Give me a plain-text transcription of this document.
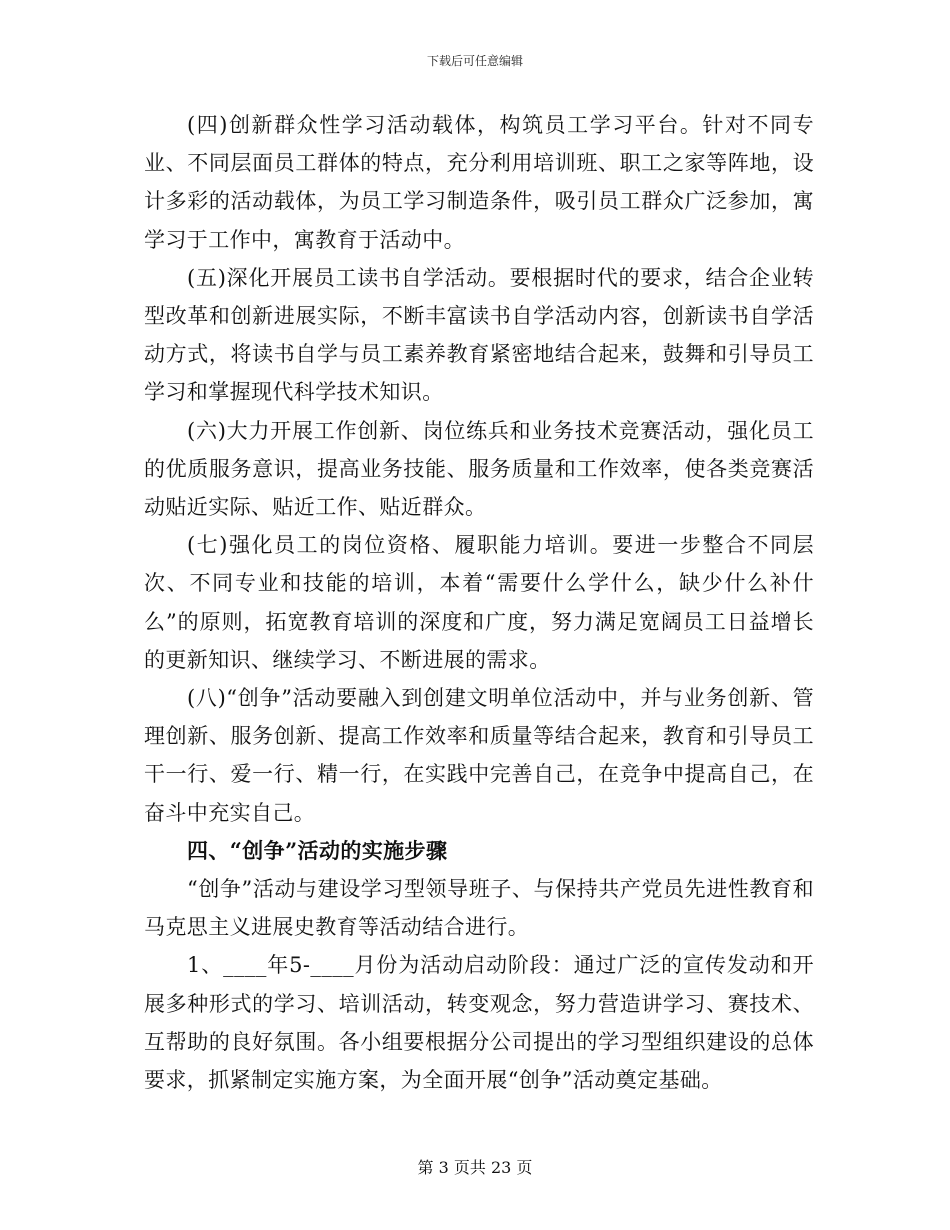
下载后可任意编辑

(四)创新群众性学习活动载体，构筑员工学习平台。针对不同专业、不同层面员工群体的特点，充分利用培训班、职工之家等阵地，设计多彩的活动载体，为员工学习制造条件，吸引员工群众广泛参加，寓学习于工作中，寓教育于活动中。

(五)深化开展员工读书自学活动。要根据时代的要求，结合企业转型改革和创新进展实际，不断丰富读书自学活动内容，创新读书自学活动方式，将读书自学与员工素养教育紧密地结合起来，鼓舞和引导员工学习和掌握现代科学技术知识。

(六)大力开展工作创新、岗位练兵和业务技术竞赛活动，强化员工的优质服务意识，提高业务技能、服务质量和工作效率，使各类竞赛活动贴近实际、贴近工作、贴近群众。

(七)强化员工的岗位资格、履职能力培训。要进一步整合不同层次、不同专业和技能的培训，本着“需要什么学什么，缺少什么补什么”的原则，拓宽教育培训的深度和广度，努力满足宽阔员工日益增长的更新知识、继续学习、不断进展的需求。

(八)“创争”活动要融入到创建文明单位活动中，并与业务创新、管理创新、服务创新、提高工作效率和质量等结合起来，教育和引导员工干一行、爱一行、精一行，在实践中完善自己，在竞争中提高自己，在奋斗中充实自己。

四、“创争”活动的实施步骤

“创争”活动与建设学习型领导班子、与保持共产党员先进性教育和马克思主义进展史教育等活动结合进行。

1、____年5-____月份为活动启动阶段：通过广泛的宣传发动和开展多种形式的学习、培训活动，转变观念，努力营造讲学习、赛技术、互帮助的良好氛围。各小组要根据分公司提出的学习型组织建设的总体要求，抓紧制定实施方案，为全面开展“创争”活动奠定基础。

第 3 页共 23 页
